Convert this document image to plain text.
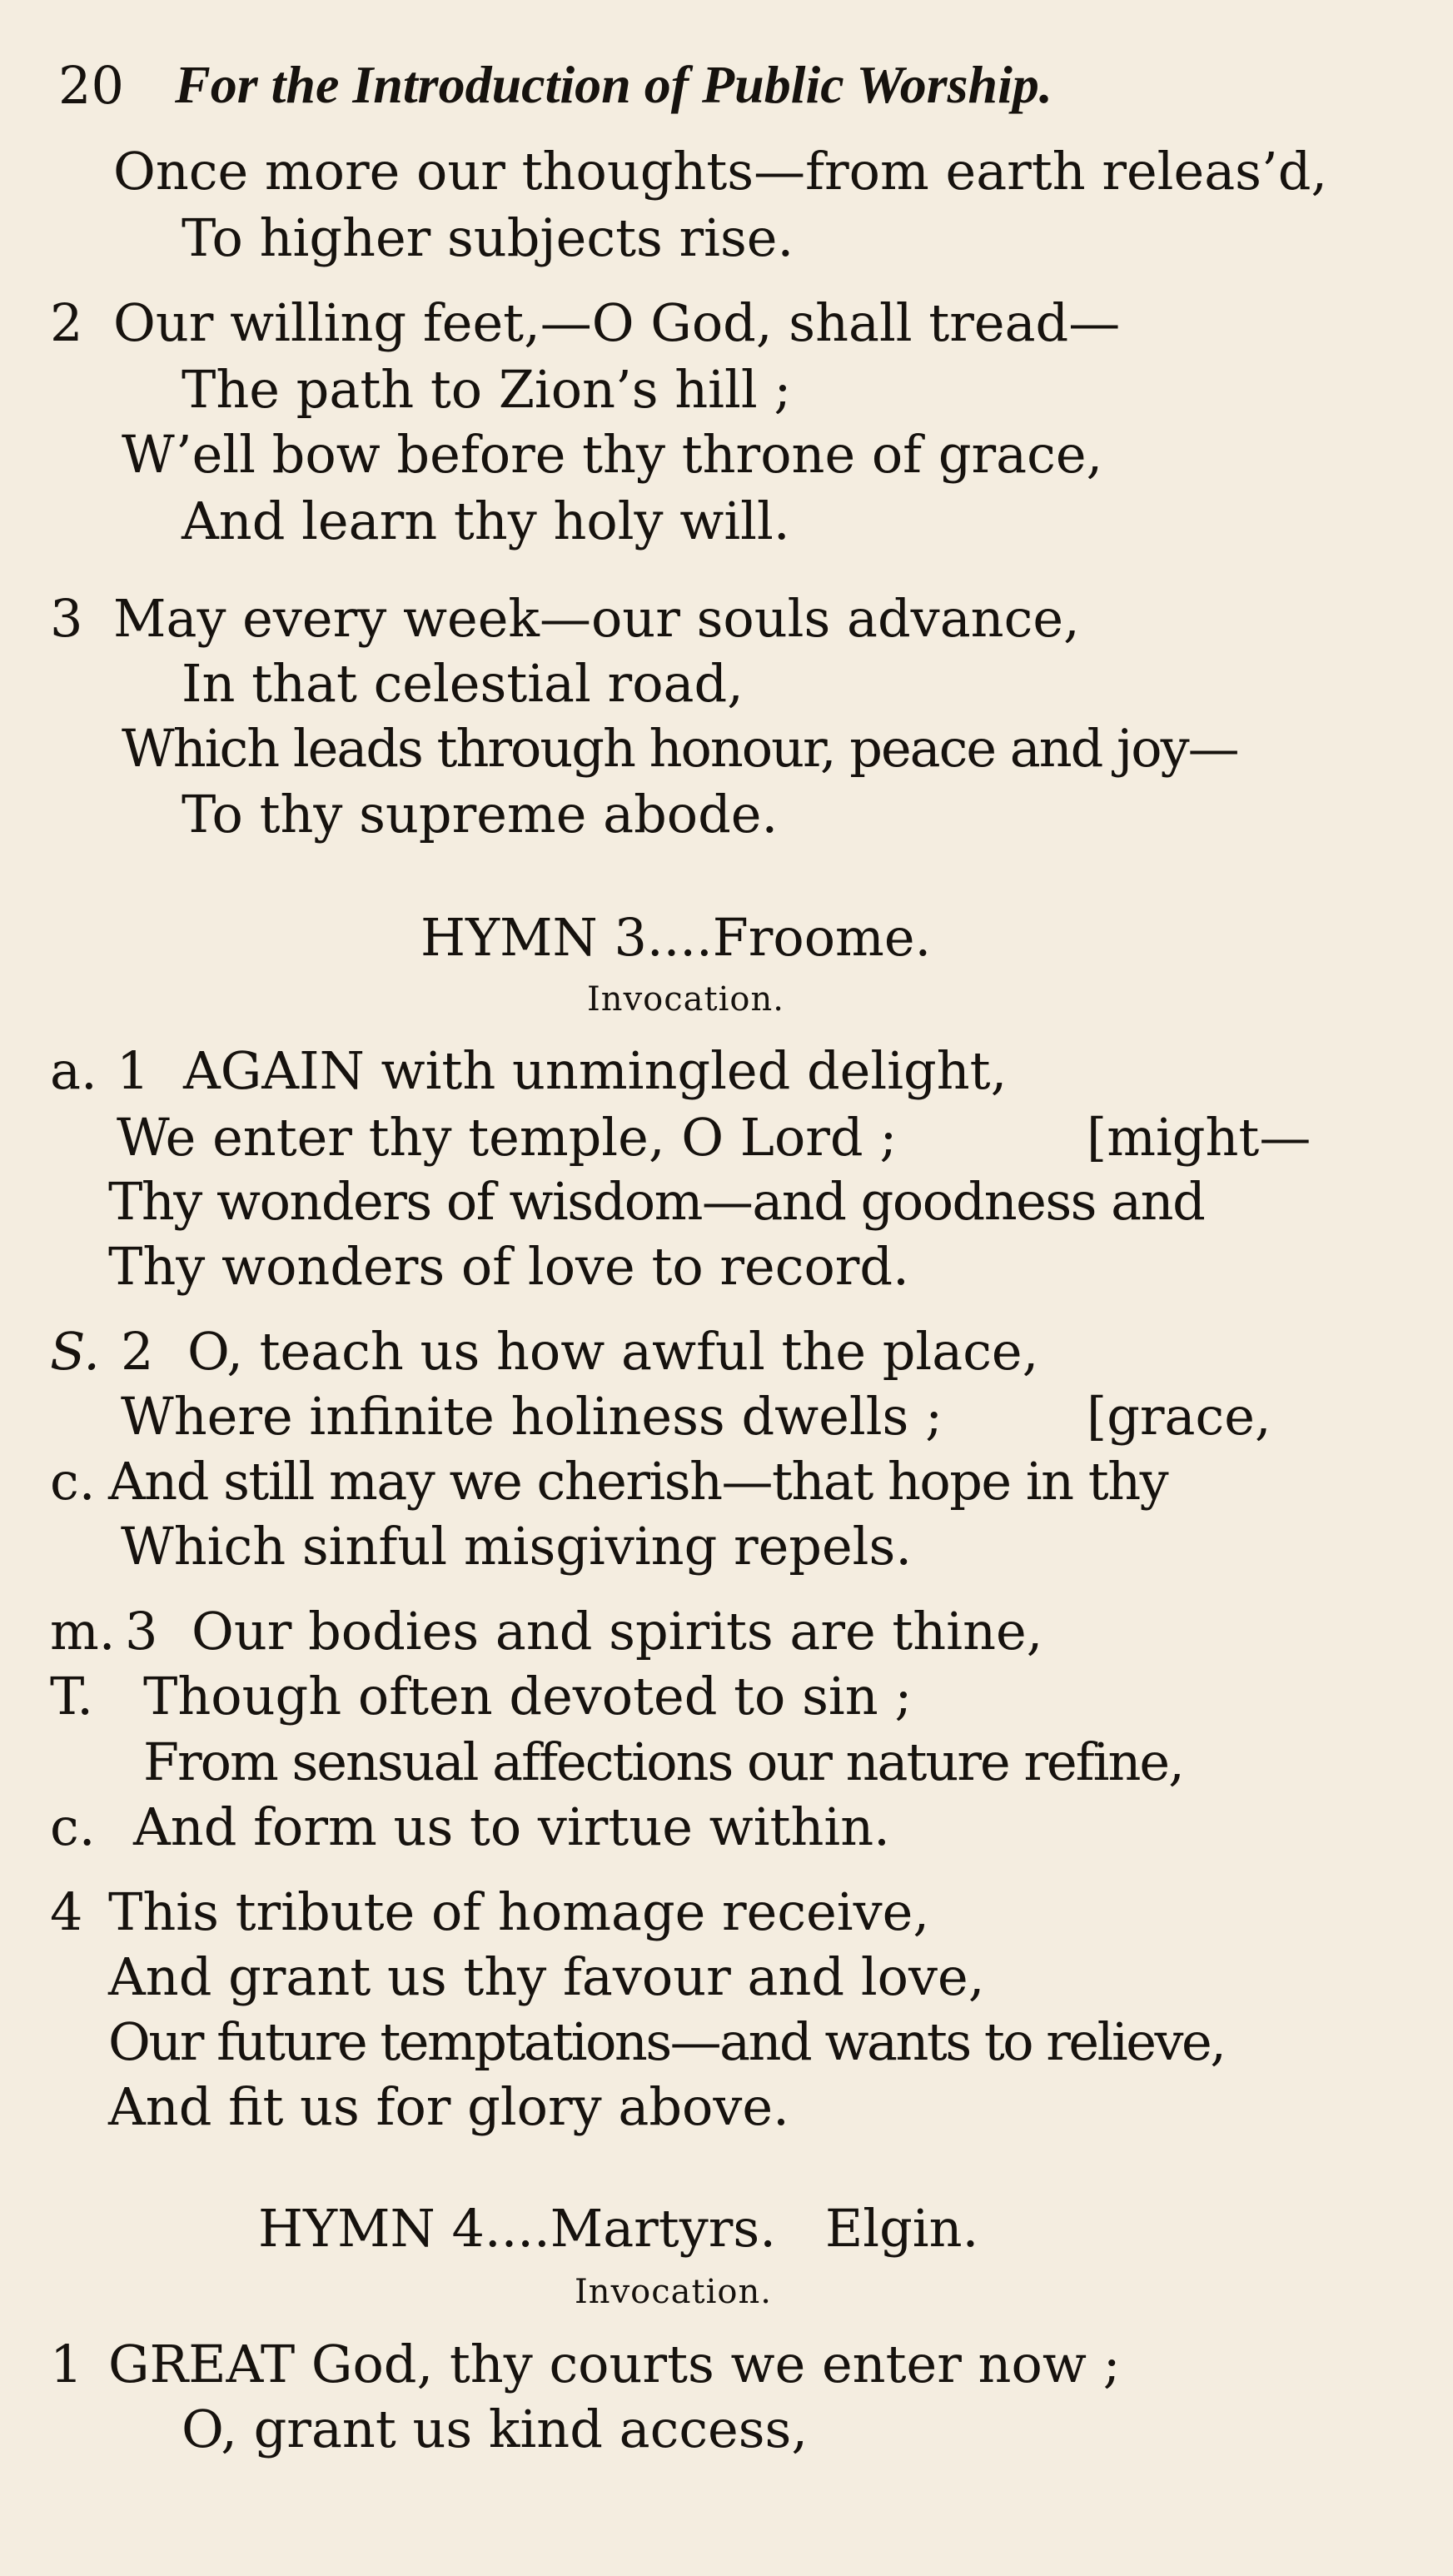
20 For the Introduction of Public Worship.
Once more our thoughts—from earth releas’d,
To higher subjects rise.
2 Our willing feet,—O God, shall tread—
The path to Zion’s hill ;
W’ell bow before thy throne of grace,
And learn thy holy will.
3 May every week—our souls advance,
In that celestial road,
Which leads through honour, peace and joy—
To thy supreme abode.
HYMN 3....Froome.
Invocation.
a. 1 AGAIN with unmingled delight,
We enter thy temple, O Lord ;	[might—
Thy wonders of wisdom—and goodness and
Thy wonders of love to record.
S. 2 O, teach us how awful the place,
Where infinite holiness dwells ;	[grace,
c. And still may we cherish—that hope in thy
Which sinful misgiving repels.
m. 3 Our bodies and spirits are thine,
T. Though often devoted to sin ;
From sensual affections our nature refine,
c. And form us to virtue within.
4 This tribute of homage receive,
And grant us thy favour and love,
Our future temptations—and wants to relieve,
And fit us for glory above.
HYMN 4....Martyrs.   Elgin.
Invocation.
1 GREAT God, thy courts we enter now ;
O, grant us kind access,
